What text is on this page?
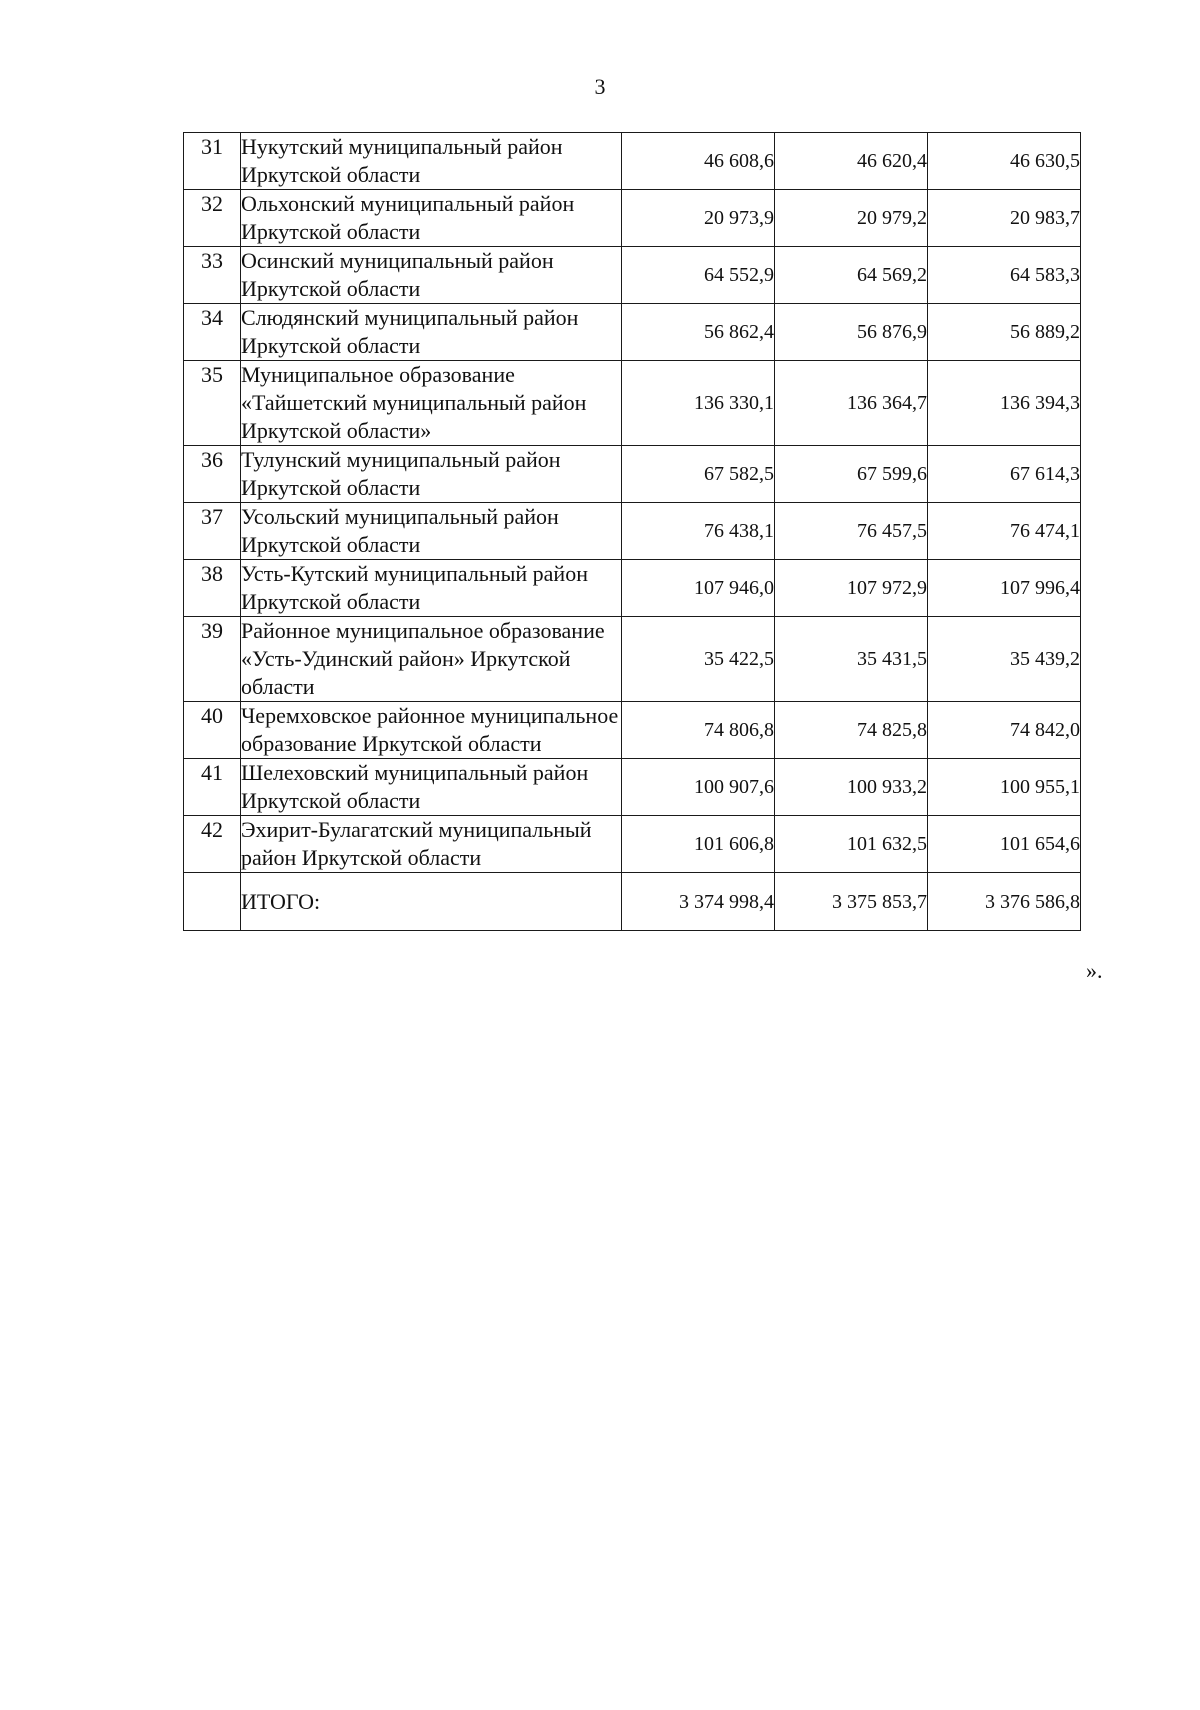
3
31	Нукутский муниципальный район Иркутской области	46 608,6	46 620,4	46 630,5
32	Ольхонский муниципальный район Иркутской области	20 973,9	20 979,2	20 983,7
33	Осинский муниципальный район Иркутской области	64 552,9	64 569,2	64 583,3
34	Слюдянский муниципальный район Иркутской области	56 862,4	56 876,9	56 889,2
35	Муниципальное образование «Тайшетский муниципальный район Иркутской области»	136 330,1	136 364,7	136 394,3
36	Тулунский муниципальный район Иркутской области	67 582,5	67 599,6	67 614,3
37	Усольский муниципальный район Иркутской области	76 438,1	76 457,5	76 474,1
38	Усть-Кутский муниципальный район Иркутской области	107 946,0	107 972,9	107 996,4
39	Районное муниципальное образование «Усть-Удинский район» Иркутской области	35 422,5	35 431,5	35 439,2
40	Черемховское районное муниципальное образование Иркутской области	74 806,8	74 825,8	74 842,0
41	Шелеховский муниципальный район Иркутской области	100 907,6	100 933,2	100 955,1
42	Эхирит-Булагатский муниципальный район Иркутской области	101 606,8	101 632,5	101 654,6
	ИТОГО:	3 374 998,4	3 375 853,7	3 376 586,8
».
